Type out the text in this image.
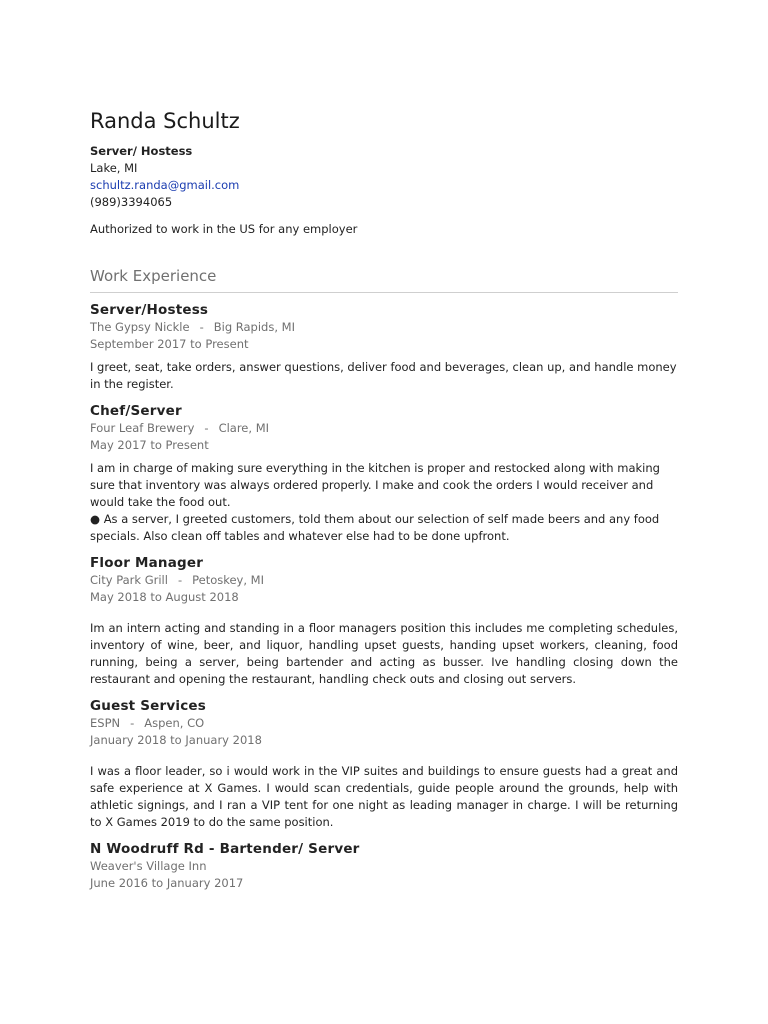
Randa Schultz
Server/ Hostess
Lake, MI
schultz.randa@gmail.com
(989)3394065
Authorized to work in the US for any employer
Work Experience
Server/Hostess
The Gypsy Nickle - Big Rapids, MI
September 2017 to Present
I greet, seat, take orders, answer questions, deliver food and beverages, clean up, and handle money in the register.
Chef/Server
Four Leaf Brewery - Clare, MI
May 2017 to Present
I am in charge of making sure everything in the kitchen is proper and restocked along with making sure that inventory was always ordered properly. I make and cook the orders I would receiver and would take the food out.
● As a server, I greeted customers, told them about our selection of self made beers and any food specials. Also clean off tables and whatever else had to be done upfront.
Floor Manager
City Park Grill - Petoskey, MI
May 2018 to August 2018
Im an intern acting and standing in a floor managers position this includes me completing schedules, inventory of wine, beer, and liquor, handling upset guests, handing upset workers, cleaning, food running, being a server, being bartender and acting as busser. Ive handling closing down the restaurant and opening the restaurant, handling check outs and closing out servers.
Guest Services
ESPN - Aspen, CO
January 2018 to January 2018
I was a floor leader, so i would work in the VIP suites and buildings to ensure guests had a great and safe experience at X Games. I would scan credentials, guide people around the grounds, help with athletic signings, and I ran a VIP tent for one night as leading manager in charge. I will be returning to X Games 2019 to do the same position.
N Woodruff Rd - Bartender/ Server
Weaver's Village Inn
June 2016 to January 2017
